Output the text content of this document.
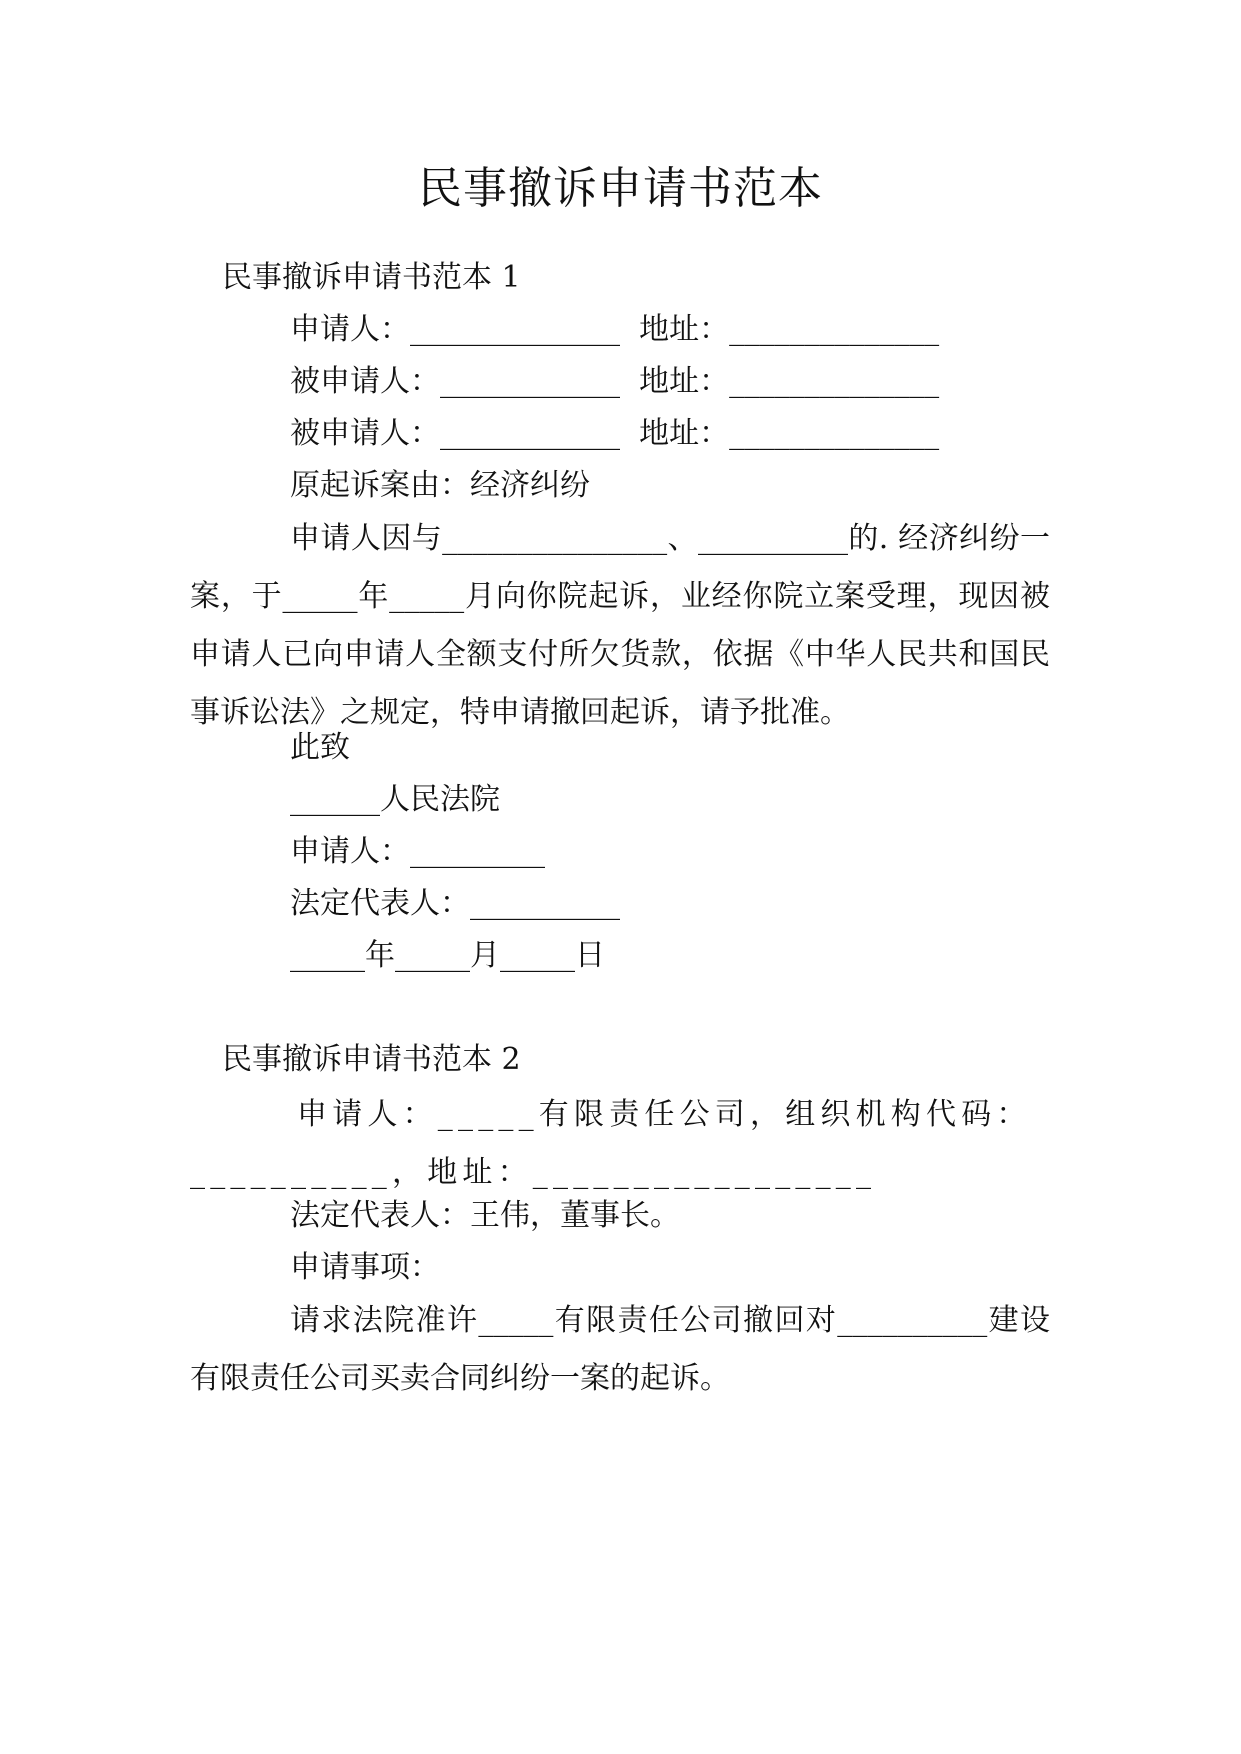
民事撤诉申请书范本
民事撤诉申请书范本 1
申请人：______________  地址：______________
被申请人：____________  地址：______________
被申请人：____________  地址：______________
原起诉案由：经济纠纷
申请人因与_______________、__________的. 经济纠纷一案，于_____年_____月向你院起诉，业经你院立案受理，现因被申请人已向申请人全额支付所欠货款，依据《中华人民共和国民事诉讼法》之规定，特申请撤回起诉，请予批准。
此致
______人民法院
申请人：_________
法定代表人：__________
_____年_____月_____日
民事撤诉申请书范本 2
申请人：_____有限责任公司，组织机构代码：__________，地址：_________________
法定代表人：王伟，董事长。
申请事项：
请求法院准许_____有限责任公司撤回对__________建设有限责任公司买卖合同纠纷一案的起诉。
